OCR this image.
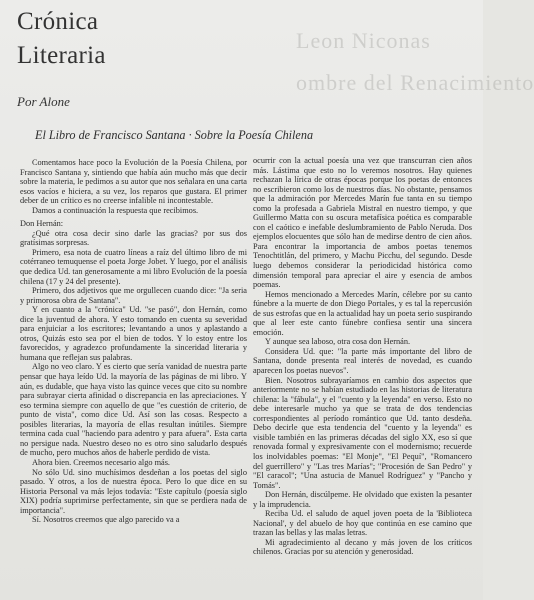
Leon Niconas
ombre del Renacimiento
Crónica
Literaria
Por Alone
El Libro de Francisco Santana · Sobre la Poesía Chilena

Comentamos hace poco la Evolución de la Poesía Chilena, por Francisco Santana y, sintiendo que había aún mucho más que decir sobre la materia, le pedimos a su autor que nos señalara en una carta esos vacíos e hiciera, a su vez, los reparos que gustara. El primer deber de un crítico es no creerse infalible ni incontestable.

Damos a continuación la respuesta que recibimos.

Don Hernán:

¿Qué otra cosa decir sino darle las gracias? por sus dos gratísimas sorpresas.

Primero, esa nota de cuatro líneas a raíz del último libro de mi cotérraneo temuquense el poeta Jorge Jobet. Y luego, por el análisis que dedica Ud. tan generosamente a mi libro Evolución de la poesía chilena (17 y 24 del presente).

Primero, dos adjetivos que me orgullecen cuando dice: "Ja seria y primorosa obra de Santana".

Y en cuanto a la "crónica" Ud. "se pasó", don Hernán, como dice la juventud de ahora. Y esto tomando en cuenta su severidad para enjuiciar a los escritores; levantando a unos y aplastando a otros, Quizás esto sea por el bien de todos. Y lo estoy entre los favorecidos, y agradezco profundamente la sinceridad literaria y humana que reflejan sus palabras.

Algo no veo claro. Y es cierto que sería vanidad de nuestra parte pensar que haya leído Ud. la mayoría de las páginas de mi libro. Y aún, es dudable, que haya visto las quince veces que cito su nombre para subrayar cierta afinidad o discrepancia en las apreciaciones. Y eso termina siempre con aquello de que "es cuestión de criterio, de punto de vista", como dice Ud. Así son las cosas. Respecto a posibles literarias, la mayoría de ellas resultan inútiles. Siempre termina cada cual "haciendo para adentro y para afuera". Esta carta no persigue nada. Nuestro deseo no es otro sino saludarlo después de mucho, pero muchos años de haberle perdido de vista.

Ahora bien. Creemos necesario algo más.

No sólo Ud. sino muchísimos desdeñan a los poetas del siglo pasado. Y otros, a los de nuestra época. Pero lo que dice en su Historia Personal va más lejos todavía: "Este capítulo (poesía siglo XIX) podría suprimirse perfectamente, sin que se perdiera nada de importancia".

Sí. Nosotros creemos que algo parecido va a

ocurrir con la actual poesía una vez que transcurran cien años más. Lástima que esto no lo veremos nosotros. Hay quienes rechazan la lírica de otras épocas porque los poetas de entonces no escribieron como los de nuestros días. No obstante, pensamos que la admiración por Mercedes Marín fue tanta en su tiempo como la profesada a Gabriela Mistral en nuestro tiempo, y que Guillermo Matta con su oscura metafísica poética es comparable con el caótico e inefable deslumbramiento de Pablo Neruda. Dos ejemplos elocuentes que sólo han de medirse dentro de cien años. Para encontrar la importancia de ambos poetas tenemos Tenochtitlán, del primero, y Machu Picchu, del segundo. Desde luego debemos considerar la periodicidad histórica como dimensión temporal para apreciar el aire y esencia de ambos poemas.

Hemos mencionado a Mercedes Marín, célebre por su canto fúnebre a la muerte de don Diego Portales, y es tal la repercusión de sus estrofas que en la actualidad hay un poeta serio suspirando que al leer este canto fúnebre confiesa sentir una sincera emoción.

Y aunque sea laboso, otra cosa don Hernán.

Considera Ud. que: "la parte más importante del libro de Santana, donde presenta real interés de novedad, es cuando aparecen los poetas nuevos".

Bien. Nosotros subrayaríamos en cambio dos aspectos que anteriormente no se habían estudiado en las historias de literatura chilena: la "fábula", y el "cuento y la leyenda" en verso. Esto no debe interesarle mucho ya que se trata de dos tendencias correspondientes al período romántico que Ud. tanto desdeña. Debo decirle que esta tendencia del "cuento y la leyenda" es visible también en las primeras décadas del siglo XX, eso sí que renovada formal y expresivamente con el modernismo; recuerde los inolvidables poemas: "El Monje", "El Pequí", "Romancero del guerrillero" y "Las tres Marías"; "Procesión de San Pedro" y "El caracol"; "Una astucia de Manuel Rodríguez" y "Pancho y Tomás".

Don Hernán, discúlpeme. He olvidado que existen la pesanter y la imprudencia.

Reciba Ud. el saludo de aquel joven poeta de la 'Biblioteca Nacional', y del abuelo de hoy que continúa en ese camino que trazan las bellas y las malas letras.

Mi agradecimiento al decano y más joven de los críticos chilenos. Gracias por su atención y generosidad.
